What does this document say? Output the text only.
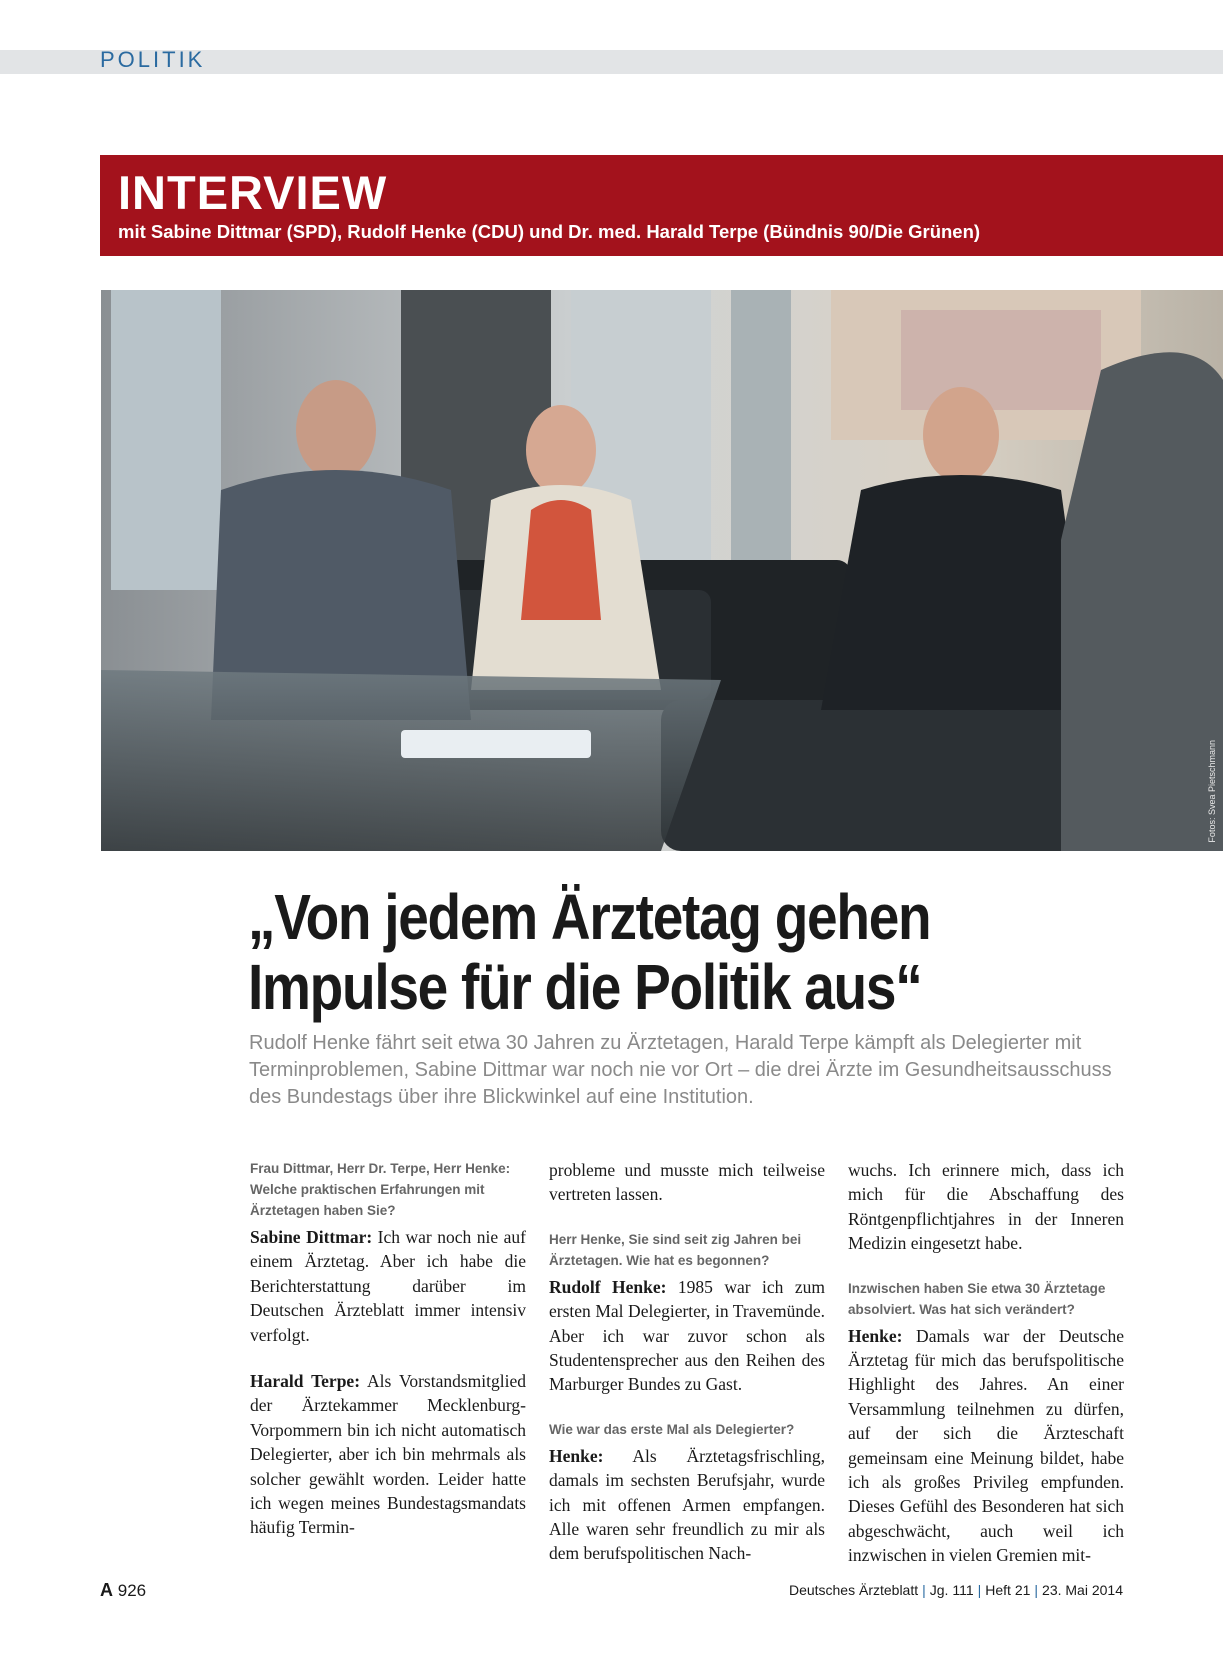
POLITIK
INTERVIEW
mit Sabine Dittmar (SPD), Rudolf Henke (CDU) und Dr. med. Harald Terpe (Bündnis 90/Die Grünen)
Fotos: Svea Pietschmann
„Von jedem Ärztetag gehen
Impulse für die Politik aus“
Rudolf Henke fährt seit etwa 30 Jahren zu Ärztetagen, Harald Terpe kämpft als Delegierter mit Terminproblemen, Sabine Dittmar war noch nie vor Ort – die drei Ärzte im Gesundheitsausschuss des Bundestags über ihre Blickwinkel auf eine Institution.

Frau Dittmar, Herr Dr. Terpe, Herr Henke: Welche praktischen Erfahrungen mit Ärztetagen haben Sie?

Sabine Dittmar: Ich war noch nie auf einem Ärztetag. Aber ich habe die Berichterstattung darüber im Deutschen Ärzteblatt immer intensiv verfolgt.

Harald Terpe: Als Vorstandsmitglied der Ärztekammer Mecklenburg-Vorpommern bin ich nicht automatisch Delegierter, aber ich bin mehrmals als solcher gewählt worden. Leider hatte ich wegen meines Bundestagsmandats häufig Termin-

probleme und musste mich teilweise vertreten lassen.

Herr Henke, Sie sind seit zig Jahren bei Ärztetagen. Wie hat es begonnen?

Rudolf Henke: 1985 war ich zum ersten Mal Delegierter, in Travemünde. Aber ich war zuvor schon als Studentensprecher aus den Reihen des Marburger Bundes zu Gast.

Wie war das erste Mal als Delegierter?

Henke: Als Ärztetagsfrischling, damals im sechsten Berufsjahr, wurde ich mit offenen Armen empfangen. Alle waren sehr freundlich zu mir als dem berufspolitischen Nach-

wuchs. Ich erinnere mich, dass ich mich für die Abschaffung des Röntgenpflichtjahres in der Inneren Medizin eingesetzt habe.

Inzwischen haben Sie etwa 30 Ärztetage absolviert. Was hat sich verändert?

Henke: Damals war der Deutsche Ärztetag für mich das berufspolitische Highlight des Jahres. An einer Versammlung teilnehmen zu dürfen, auf der sich die Ärzteschaft gemeinsam eine Meinung bildet, habe ich als großes Privileg empfunden. Dieses Gefühl des Besonderen hat sich abgeschwächt, auch weil ich inzwischen in vielen Gremien mit-

A 926	Deutsches Ärzteblatt | Jg. 111 | Heft 21 | 23. Mai 2014
